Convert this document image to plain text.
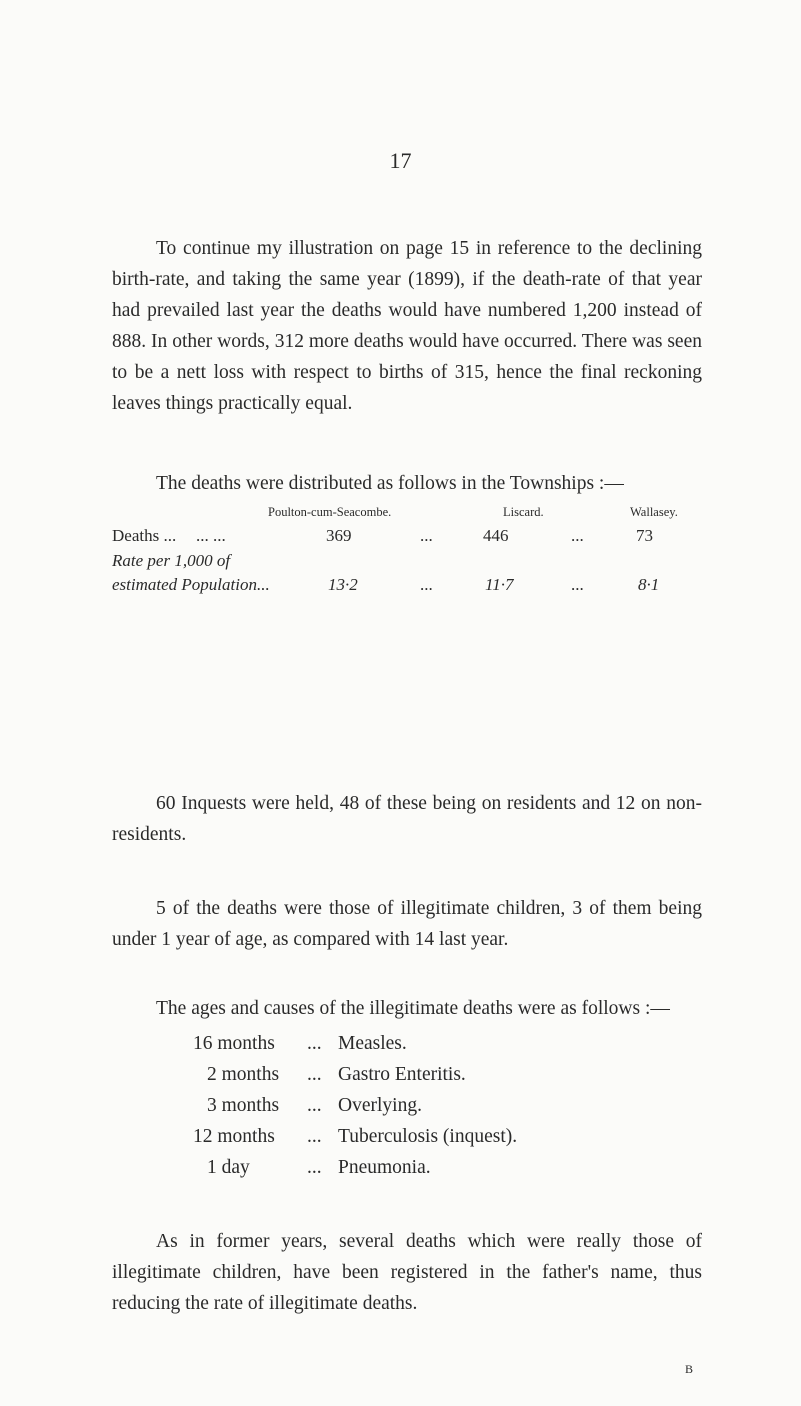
17

To continue my illustration on page 15 in reference to the declining birth-rate, and taking the same year (1899), if the death-rate of that year had prevailed last year the deaths would have numbered 1,200 instead of 888. In other words, 312 more deaths would have occurred. There was seen to be a nett loss with respect to births of 315, hence the final reckoning leaves things practically equal.

The deaths were distributed as follows in the Townships :—
Poulton-cum-Seacombe.	Liscard.	Wallasey.
Deaths ... ... ...	369	...	446	...	73
Rate per 1,000 of
estimated Population...	13·2	...	11·7	...	8·1

60 Inquests were held, 48 of these being on residents and 12 on non-residents.

5 of the deaths were those of illegitimate children, 3 of them being under 1 year of age, as compared with 14 last year.

The ages and causes of the illegitimate deaths were as follows :—
16 months ... Measles.
2 months ... Gastro Enteritis.
3 months ... Overlying.
12 months ... Tuberculosis (inquest).
1 day	... Pneumonia.

As in former years, several deaths which were really those of illegitimate children, have been registered in the father's name, thus reducing the rate of illegitimate deaths.

B
